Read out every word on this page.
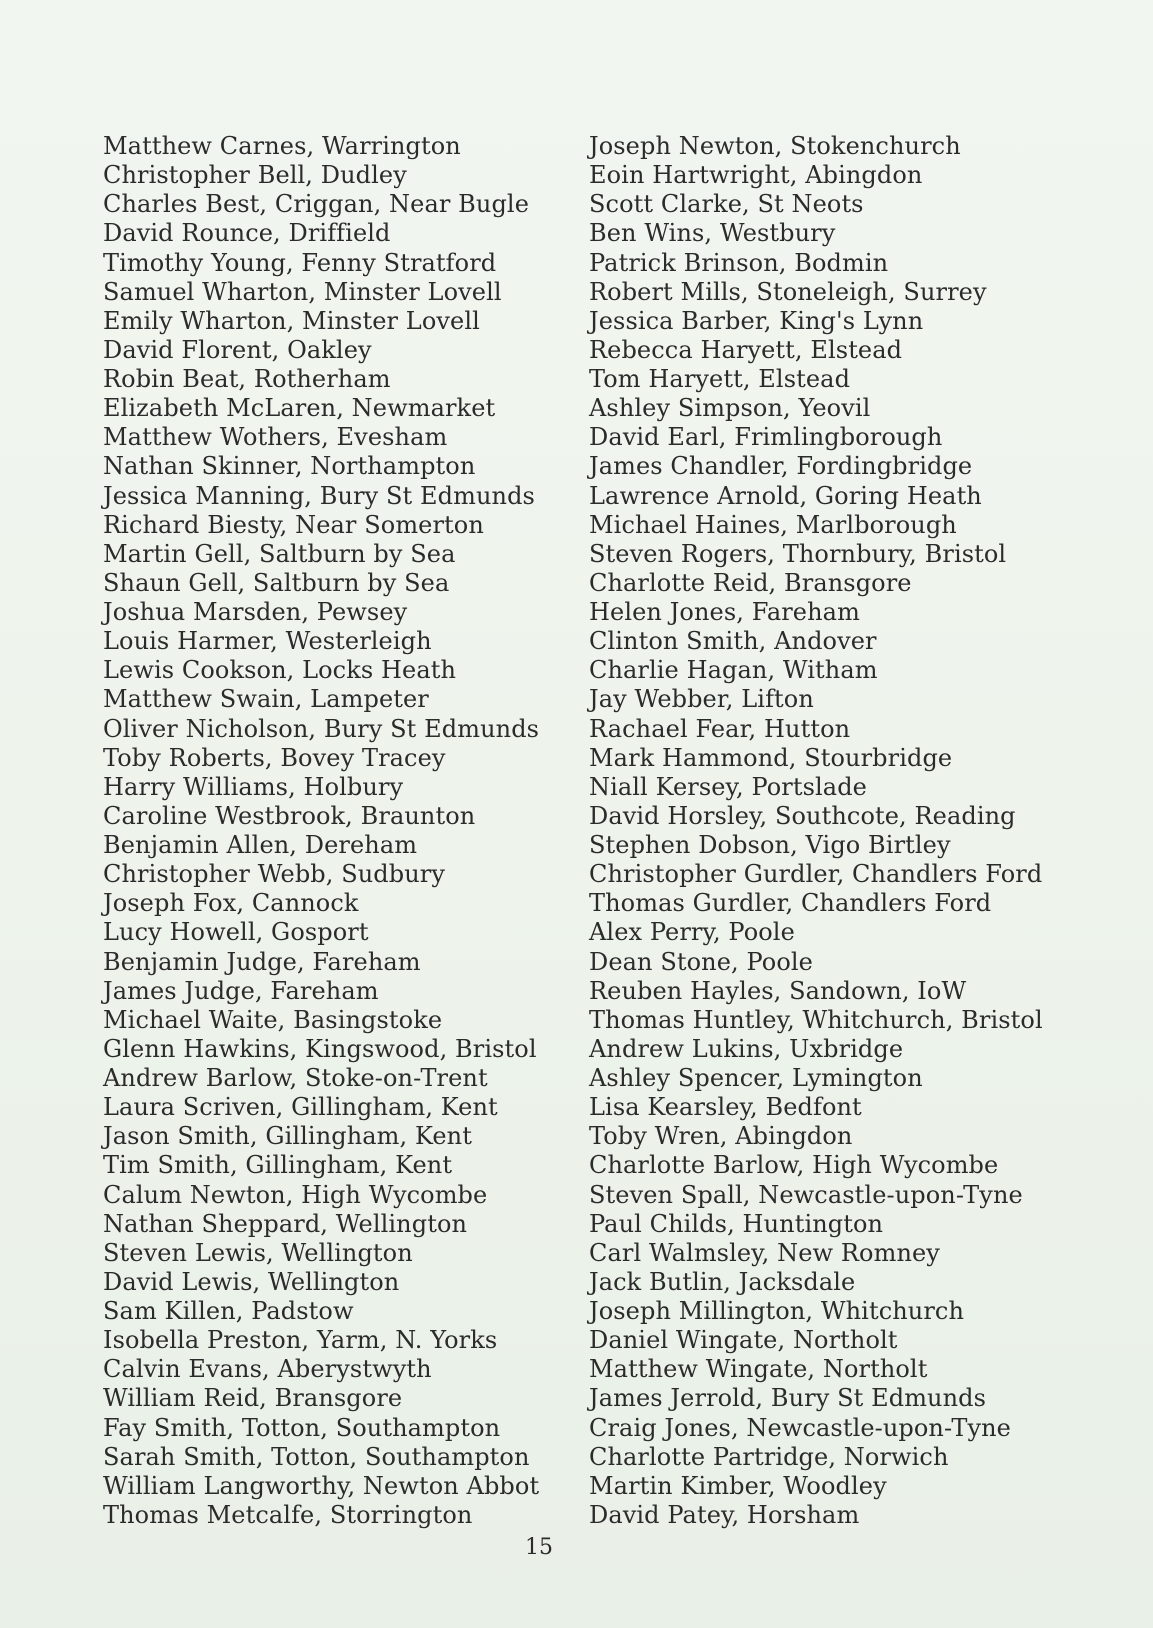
Matthew Carnes, Warrington
Christopher Bell, Dudley
Charles Best, Criggan, Near Bugle
David Rounce, Driffield
Timothy Young, Fenny Stratford
Samuel Wharton, Minster Lovell
Emily Wharton, Minster Lovell
David Florent, Oakley
Robin Beat, Rotherham
Elizabeth McLaren, Newmarket
Matthew Wothers, Evesham
Nathan Skinner, Northampton
Jessica Manning, Bury St Edmunds
Richard Biesty, Near Somerton
Martin Gell, Saltburn by Sea
Shaun Gell, Saltburn by Sea
Joshua Marsden, Pewsey
Louis Harmer, Westerleigh
Lewis Cookson, Locks Heath
Matthew Swain, Lampeter
Oliver Nicholson, Bury St Edmunds
Toby Roberts, Bovey Tracey
Harry Williams, Holbury
Caroline Westbrook, Braunton
Benjamin Allen, Dereham
Christopher Webb, Sudbury
Joseph Fox, Cannock
Lucy Howell, Gosport
Benjamin Judge, Fareham
James Judge, Fareham
Michael Waite, Basingstoke
Glenn Hawkins, Kingswood, Bristol
Andrew Barlow, Stoke-on-Trent
Laura Scriven, Gillingham, Kent
Jason Smith, Gillingham, Kent
Tim Smith, Gillingham, Kent
Calum Newton, High Wycombe
Nathan Sheppard, Wellington
Steven Lewis, Wellington
David Lewis, Wellington
Sam Killen, Padstow
Isobella Preston, Yarm, N. Yorks
Calvin Evans, Aberystwyth
William Reid, Bransgore
Fay Smith, Totton, Southampton
Sarah Smith, Totton, Southampton
William Langworthy, Newton Abbot
Thomas Metcalfe, Storrington
Joseph Newton, Stokenchurch
Eoin Hartwright, Abingdon
Scott Clarke, St Neots
Ben Wins, Westbury
Patrick Brinson, Bodmin
Robert Mills, Stoneleigh, Surrey
Jessica Barber, King's Lynn
Rebecca Haryett, Elstead
Tom Haryett, Elstead
Ashley Simpson, Yeovil
David Earl, Frimlingborough
James Chandler, Fordingbridge
Lawrence Arnold, Goring Heath
Michael Haines, Marlborough
Steven Rogers, Thornbury, Bristol
Charlotte Reid, Bransgore
Helen Jones, Fareham
Clinton Smith, Andover
Charlie Hagan, Witham
Jay Webber, Lifton
Rachael Fear, Hutton
Mark Hammond, Stourbridge
Niall Kersey, Portslade
David Horsley, Southcote, Reading
Stephen Dobson, Vigo Birtley
Christopher Gurdler, Chandlers Ford
Thomas Gurdler, Chandlers Ford
Alex Perry, Poole
Dean Stone, Poole
Reuben Hayles, Sandown, IoW
Thomas Huntley, Whitchurch, Bristol
Andrew Lukins, Uxbridge
Ashley Spencer, Lymington
Lisa Kearsley, Bedfont
Toby Wren, Abingdon
Charlotte Barlow, High Wycombe
Steven Spall, Newcastle-upon-Tyne
Paul Childs, Huntington
Carl Walmsley, New Romney
Jack Butlin, Jacksdale
Joseph Millington, Whitchurch
Daniel Wingate, Northolt
Matthew Wingate, Northolt
James Jerrold, Bury St Edmunds
Craig Jones, Newcastle-upon-Tyne
Charlotte Partridge, Norwich
Martin Kimber, Woodley
David Patey, Horsham
15
